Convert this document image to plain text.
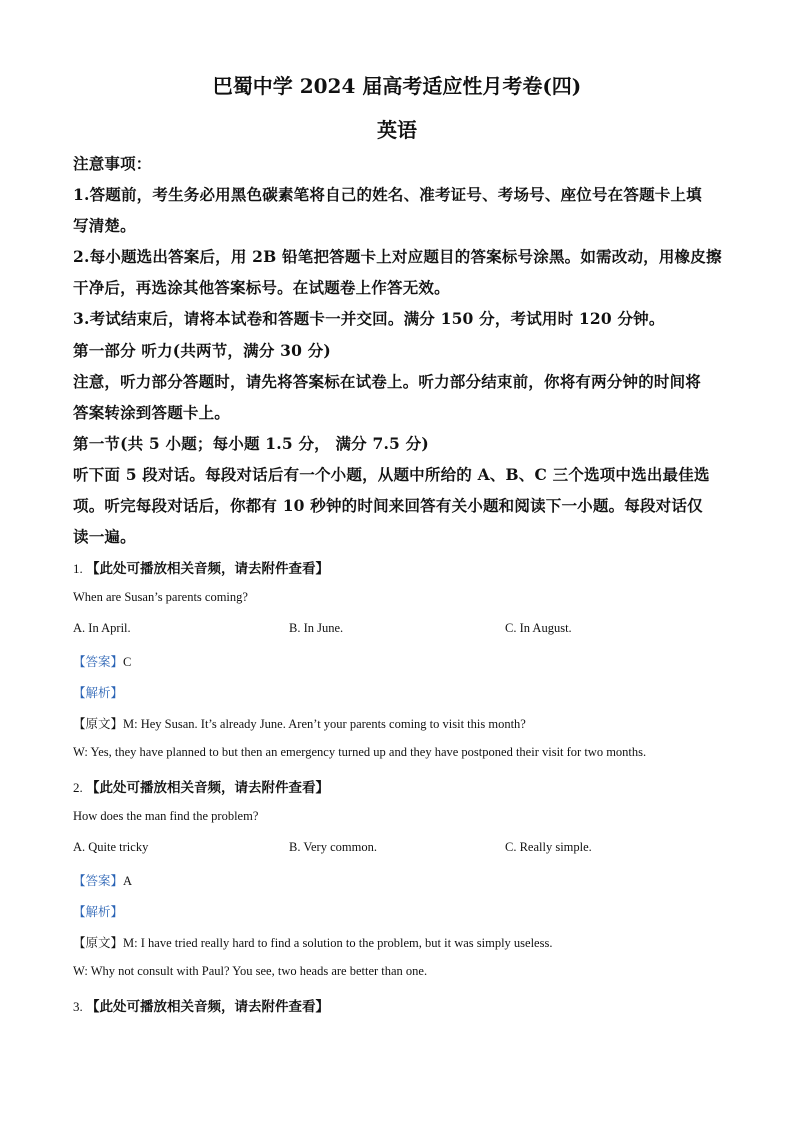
巴蜀中学 2024 届高考适应性月考卷(四)
英语
注意事项：
1.答题前，考生务必用黑色碳素笔将自己的姓名、准考证号、考场号、座位号在答题卡上填
写清楚。
2.每小题选出答案后，用 2B 铅笔把答题卡上对应题目的答案标号涂黑。如需改动，用橡皮擦
干净后，再选涂其他答案标号。在试题卷上作答无效。
3.考试结束后，请将本试卷和答题卡一并交回。满分 150 分，考试用时 120 分钟。
第一部分 听力(共两节，满分 30 分)
注意，听力部分答题时，请先将答案标在试卷上。听力部分结束前，你将有两分钟的时间将
答案转涂到答题卡上。
第一节(共 5 小题；每小题 1.5 分， 满分 7.5 分)
听下面 5 段对话。每段对话后有一个小题，从题中所给的 A、B、C 三个选项中选出最佳选
项。听完每段对话后，你都有 10 秒钟的时间来回答有关小题和阅读下一小题。每段对话仅
读一遍。
1. 【此处可播放相关音频，请去附件查看】
When are Susan’s parents coming?
A. In April.	B. In June.	C. In August.
【答案】C
【解析】
【原文】M: Hey Susan. It’s already June. Aren’t your parents coming to visit this month?
W: Yes, they have planned to but then an emergency turned up and they have postponed their visit for two months.
2. 【此处可播放相关音频，请去附件查看】
How does the man find the problem?
A. Quite tricky	B. Very common.	C. Really simple.
【答案】A
【解析】
【原文】M: I have tried really hard to find a solution to the problem, but it was simply useless.
W: Why not consult with Paul? You see, two heads are better than one.
3. 【此处可播放相关音频，请去附件查看】
